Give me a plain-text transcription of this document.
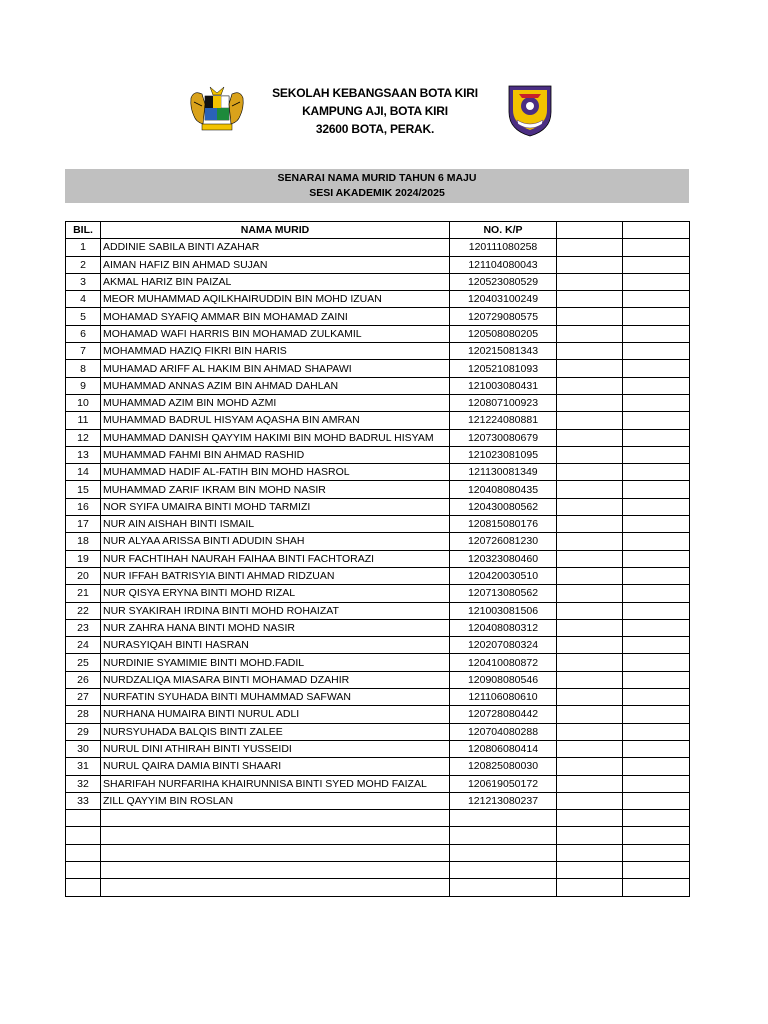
SEKOLAH KEBANGSAAN BOTA KIRI
KAMPUNG AJI, BOTA KIRI
32600 BOTA, PERAK.
SENARAI NAMA MURID TAHUN 6 MAJU
SESI AKADEMIK 2024/2025
BIL.	NAMA MURID	NO. K/P		
1	ADDINIE SABILA BINTI AZAHAR	120111080258		
2	AIMAN HAFIZ BIN AHMAD SUJAN	121104080043		
3	AKMAL HARIZ BIN PAIZAL	120523080529		
4	MEOR MUHAMMAD AQILKHAIRUDDIN BIN MOHD IZUAN	120403100249		
5	MOHAMAD SYAFIQ AMMAR BIN MOHAMAD ZAINI	120729080575		
6	MOHAMAD WAFI HARRIS BIN MOHAMAD ZULKAMIL	120508080205		
7	MOHAMMAD HAZIQ FIKRI BIN HARIS	120215081343		
8	MUHAMAD ARIFF AL HAKIM BIN AHMAD SHAPAWI	120521081093		
9	MUHAMMAD ANNAS AZIM BIN AHMAD DAHLAN	121003080431		
10	MUHAMMAD AZIM BIN MOHD AZMI	120807100923		
11	MUHAMMAD BADRUL HISYAM AQASHA BIN AMRAN	121224080881		
12	MUHAMMAD DANISH QAYYIM HAKIMI BIN MOHD BADRUL HISYAM	120730080679		
13	MUHAMMAD FAHMI BIN AHMAD RASHID	121023081095		
14	MUHAMMAD HADIF AL-FATIH BIN MOHD HASROL	121130081349		
15	MUHAMMAD ZARIF IKRAM BIN MOHD NASIR	120408080435		
16	NOR SYIFA UMAIRA BINTI MOHD TARMIZI	120430080562		
17	NUR AIN AISHAH BINTI ISMAIL	120815080176		
18	NUR ALYAA ARISSA BINTI ADUDIN SHAH	120726081230		
19	NUR FACHTIHAH NAURAH FAIHAA BINTI FACHTORAZI	120323080460		
20	NUR IFFAH BATRISYIA BINTI AHMAD RIDZUAN	120420030510		
21	NUR QISYA ERYNA BINTI MOHD RIZAL	120713080562		
22	NUR SYAKIRAH IRDINA BINTI MOHD ROHAIZAT	121003081506		
23	NUR ZAHRA HANA BINTI MOHD NASIR	120408080312		
24	NURASYIQAH BINTI HASRAN	120207080324		
25	NURDINIE SYAMIMIE BINTI MOHD.FADIL	120410080872		
26	NURDZALIQA MIASARA BINTI MOHAMAD DZAHIR	120908080546		
27	NURFATIN SYUHADA BINTI MUHAMMAD SAFWAN	121106080610		
28	NURHANA HUMAIRA BINTI NURUL ADLI	120728080442		
29	NURSYUHADA BALQIS BINTI ZALEE	120704080288		
30	NURUL DINI ATHIRAH BINTI YUSSEIDI	120806080414		
31	NURUL QAIRA DAMIA BINTI SHAARI	120825080030		
32	SHARIFAH NURFARIHA KHAIRUNNISA BINTI SYED MOHD FAIZAL	120619050172		
33	ZILL QAYYIM BIN ROSLAN	121213080237		
